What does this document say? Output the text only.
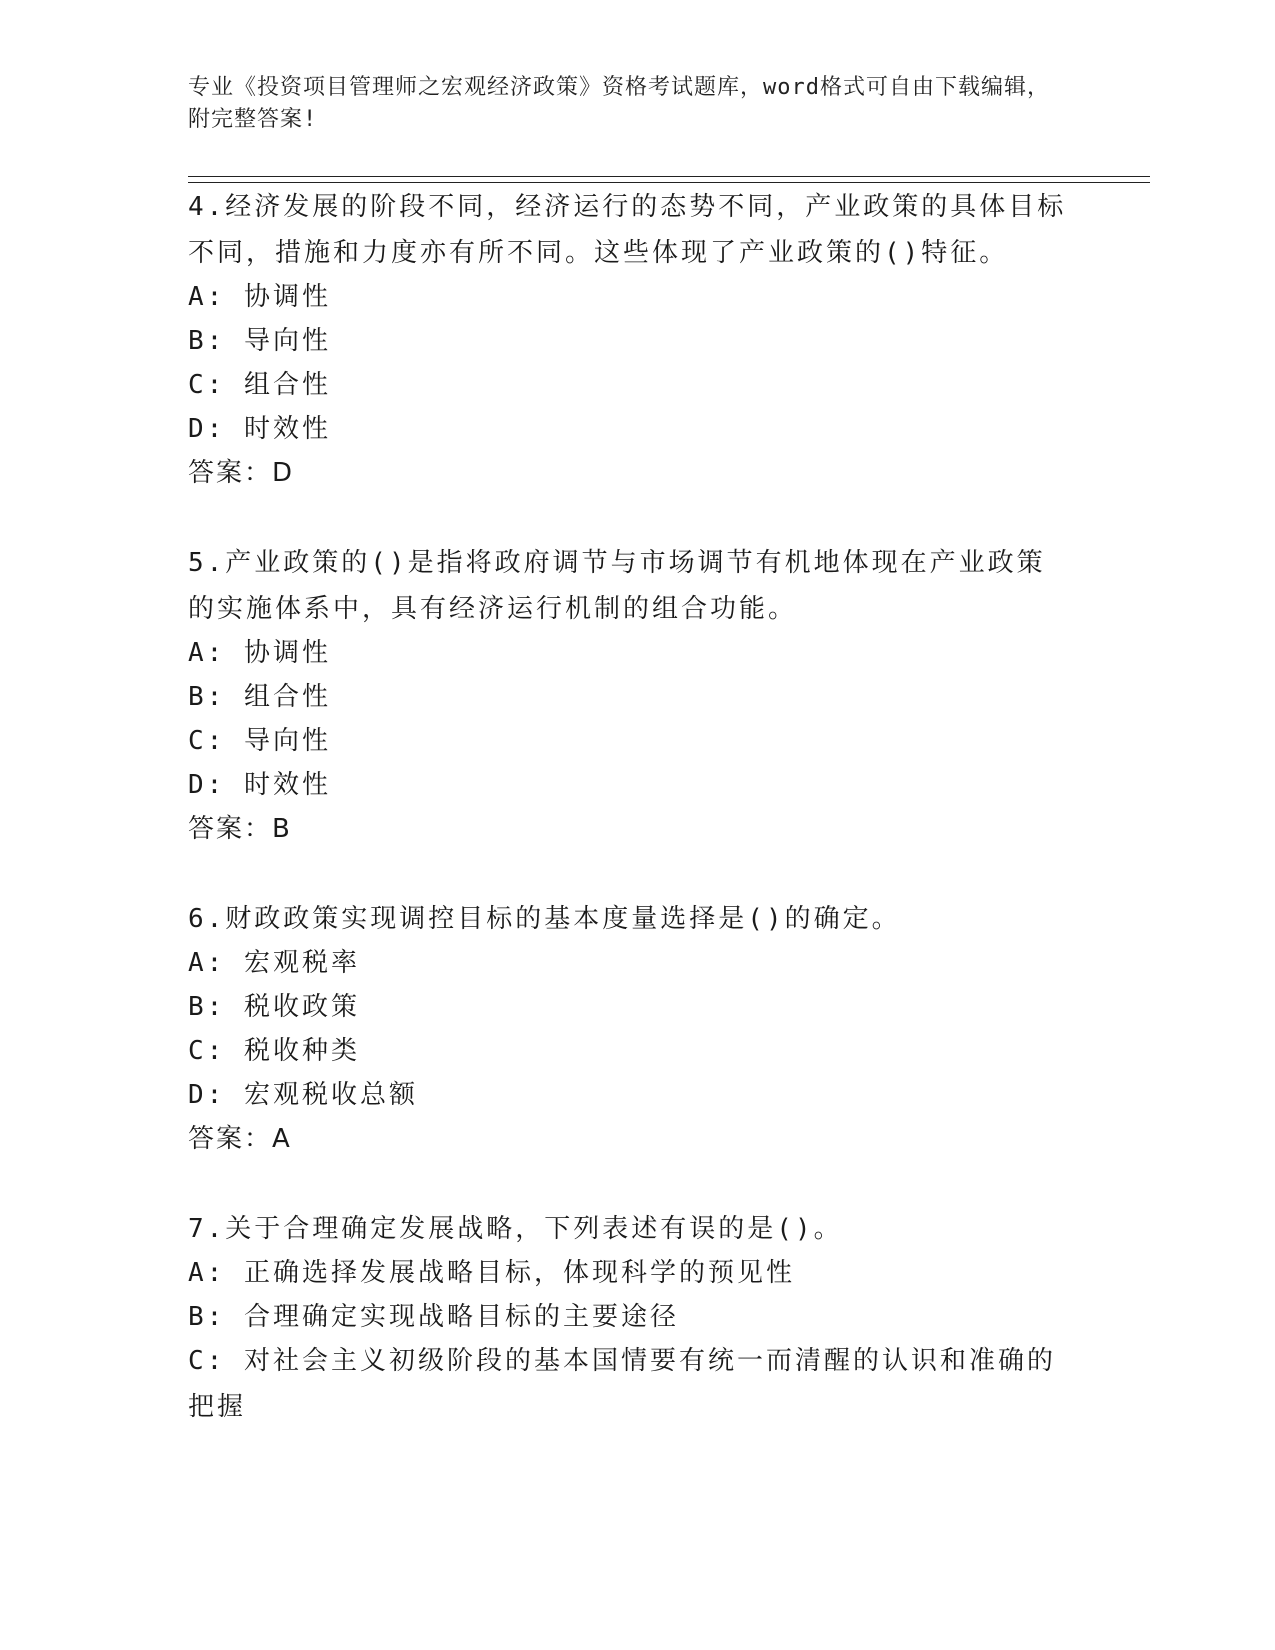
专业《投资项目管理师之宏观经济政策》资格考试题库，word格式可自由下载编辑，附完整答案!
4.经济发展的阶段不同，经济运行的态势不同，产业政策的具体目标不同，措施和力度亦有所不同。这些体现了产业政策的()特征。
A: 协调性
B: 导向性
C: 组合性
D: 时效性
答案：D
5.产业政策的()是指将政府调节与市场调节有机地体现在产业政策的实施体系中，具有经济运行机制的组合功能。
A: 协调性
B: 组合性
C: 导向性
D: 时效性
答案：B
6.财政政策实现调控目标的基本度量选择是()的确定。
A: 宏观税率
B: 税收政策
C: 税收种类
D: 宏观税收总额
答案：A
7.关于合理确定发展战略，下列表述有误的是()。
A: 正确选择发展战略目标，体现科学的预见性
B: 合理确定实现战略目标的主要途径
C: 对社会主义初级阶段的基本国情要有统一而清醒的认识和准确的把握
